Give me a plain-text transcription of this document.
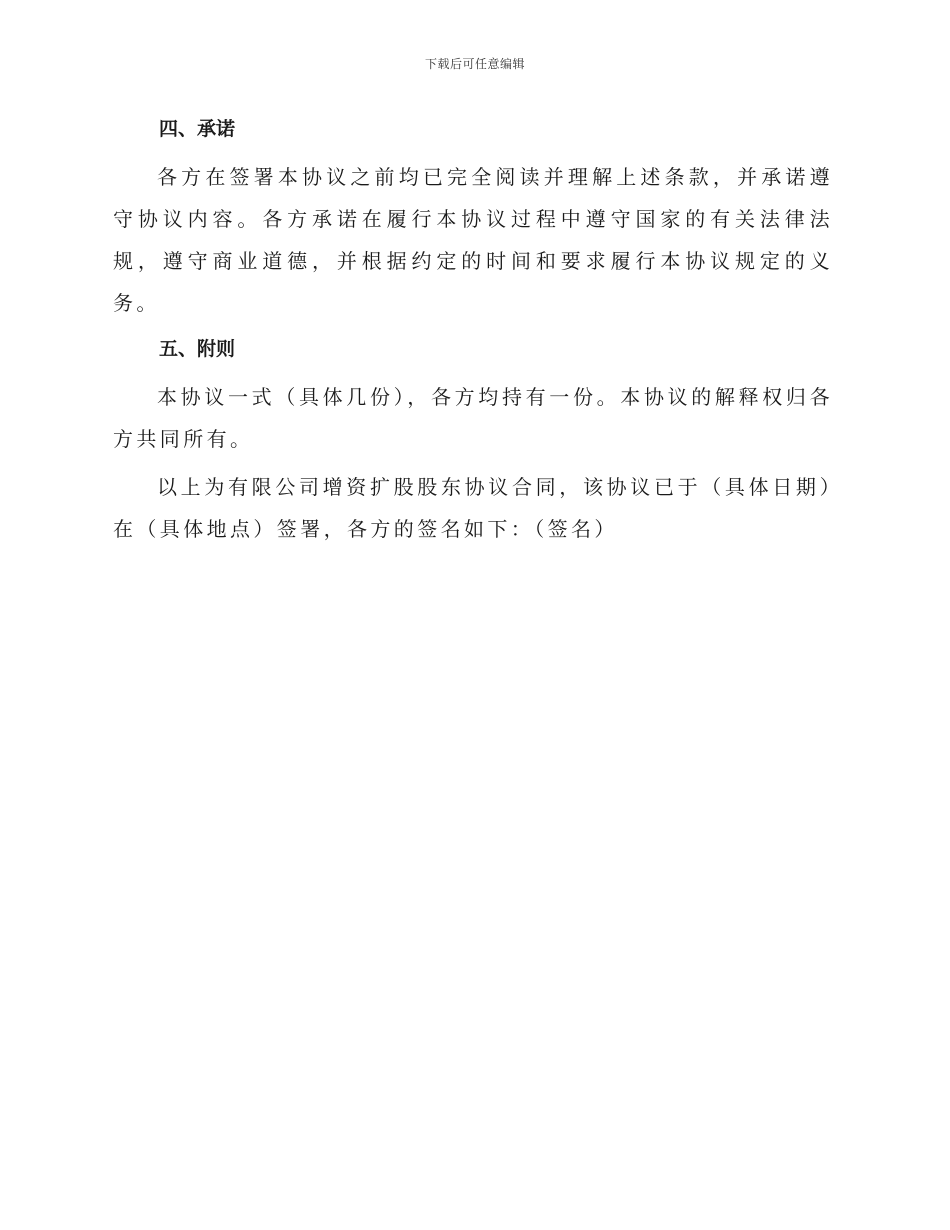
下载后可任意编辑
四、承诺

各方在签署本协议之前均已完全阅读并理解上述条款，并承诺遵守协议内容。各方承诺在履行本协议过程中遵守国家的有关法律法规，遵守商业道德，并根据约定的时间和要求履行本协议规定的义务。

五、附则

本协议一式（具体几份），各方均持有一份。本协议的解释权归各方共同所有。

以上为有限公司增资扩股股东协议合同，该协议已于（具体日期）在（具体地点）签署，各方的签名如下：（签名）
